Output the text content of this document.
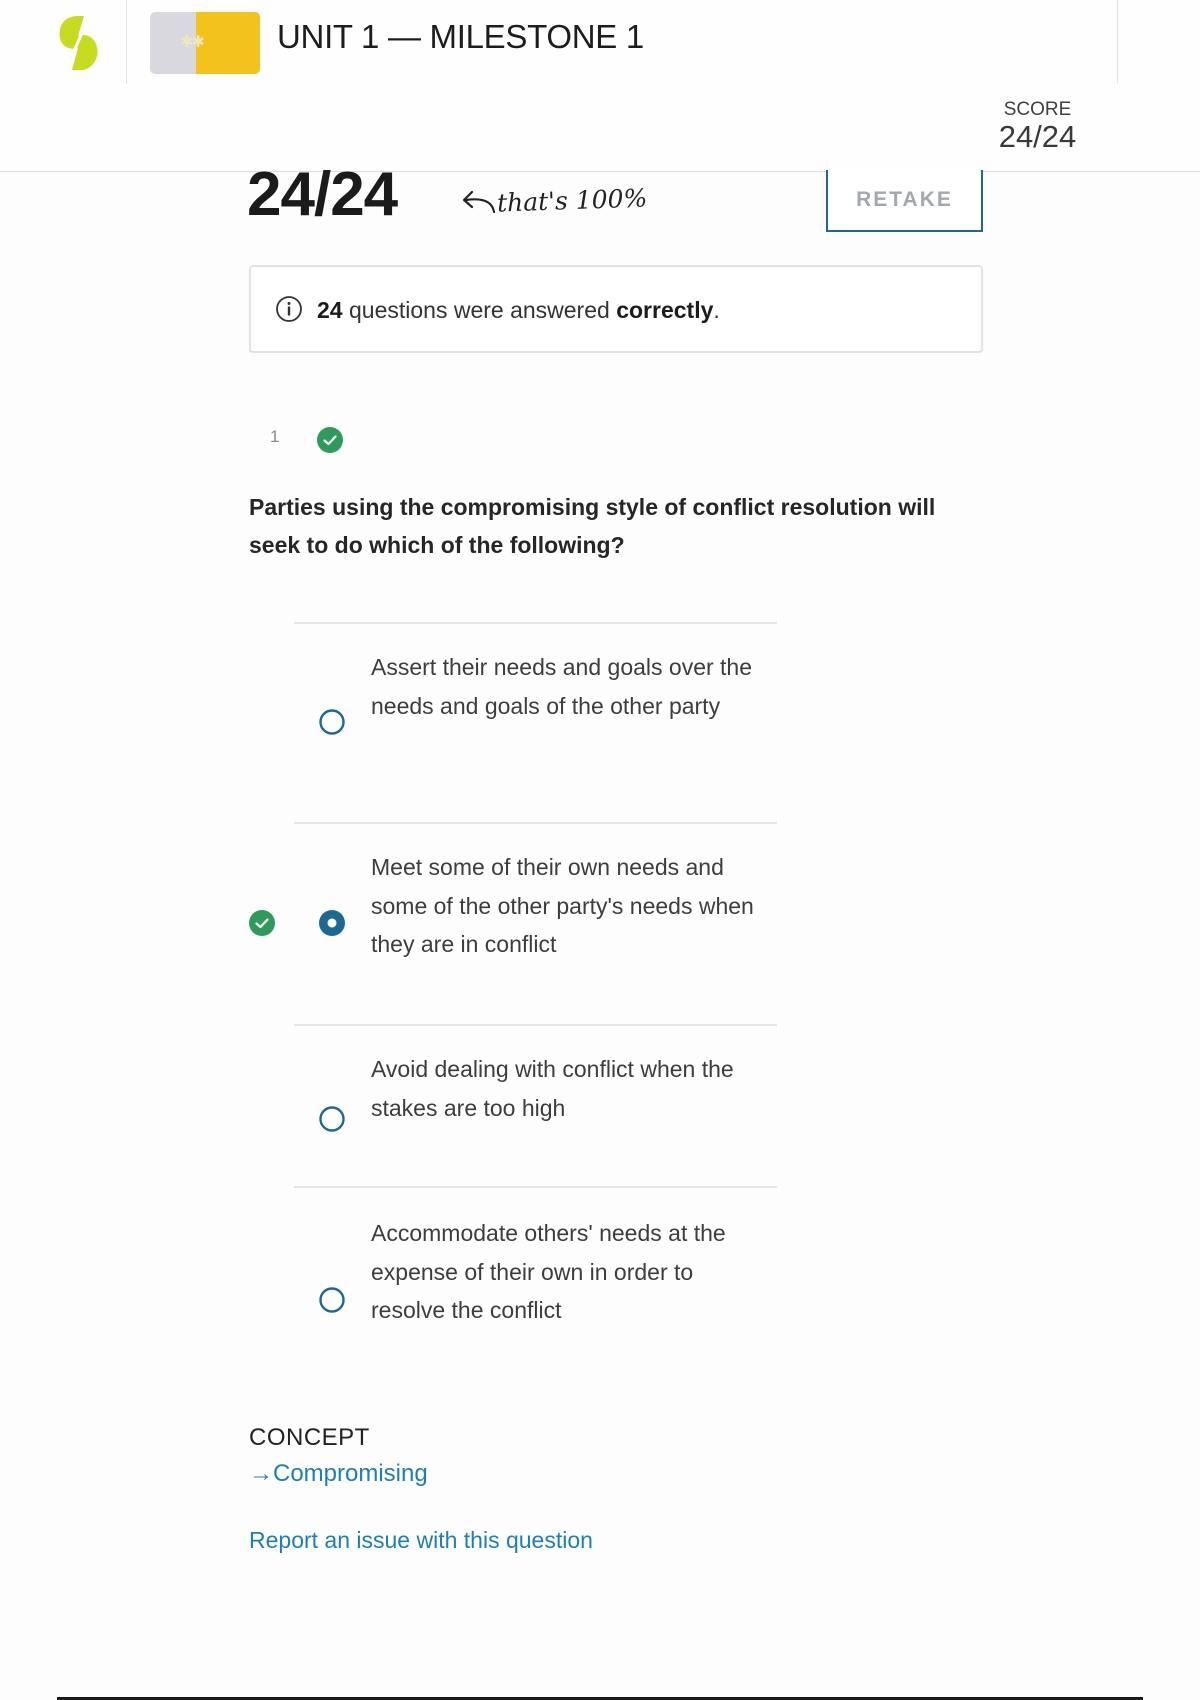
✱✱ UNIT 1 — MILESTONE 1
SCORE
24/24
24/24	that's 100%	RETAKE
24 questions were answered correctly.
1
Parties using the compromising style of conflict resolution will seek to do which of the following?
Assert their needs and goals over the needs and goals of the other party
Meet some of their own needs and some of the other party's needs when they are in conflict
Avoid dealing with conflict when the stakes are too high
Accommodate others' needs at the expense of their own in order to resolve the conflict
CONCEPT
→Compromising
Report an issue with this question
